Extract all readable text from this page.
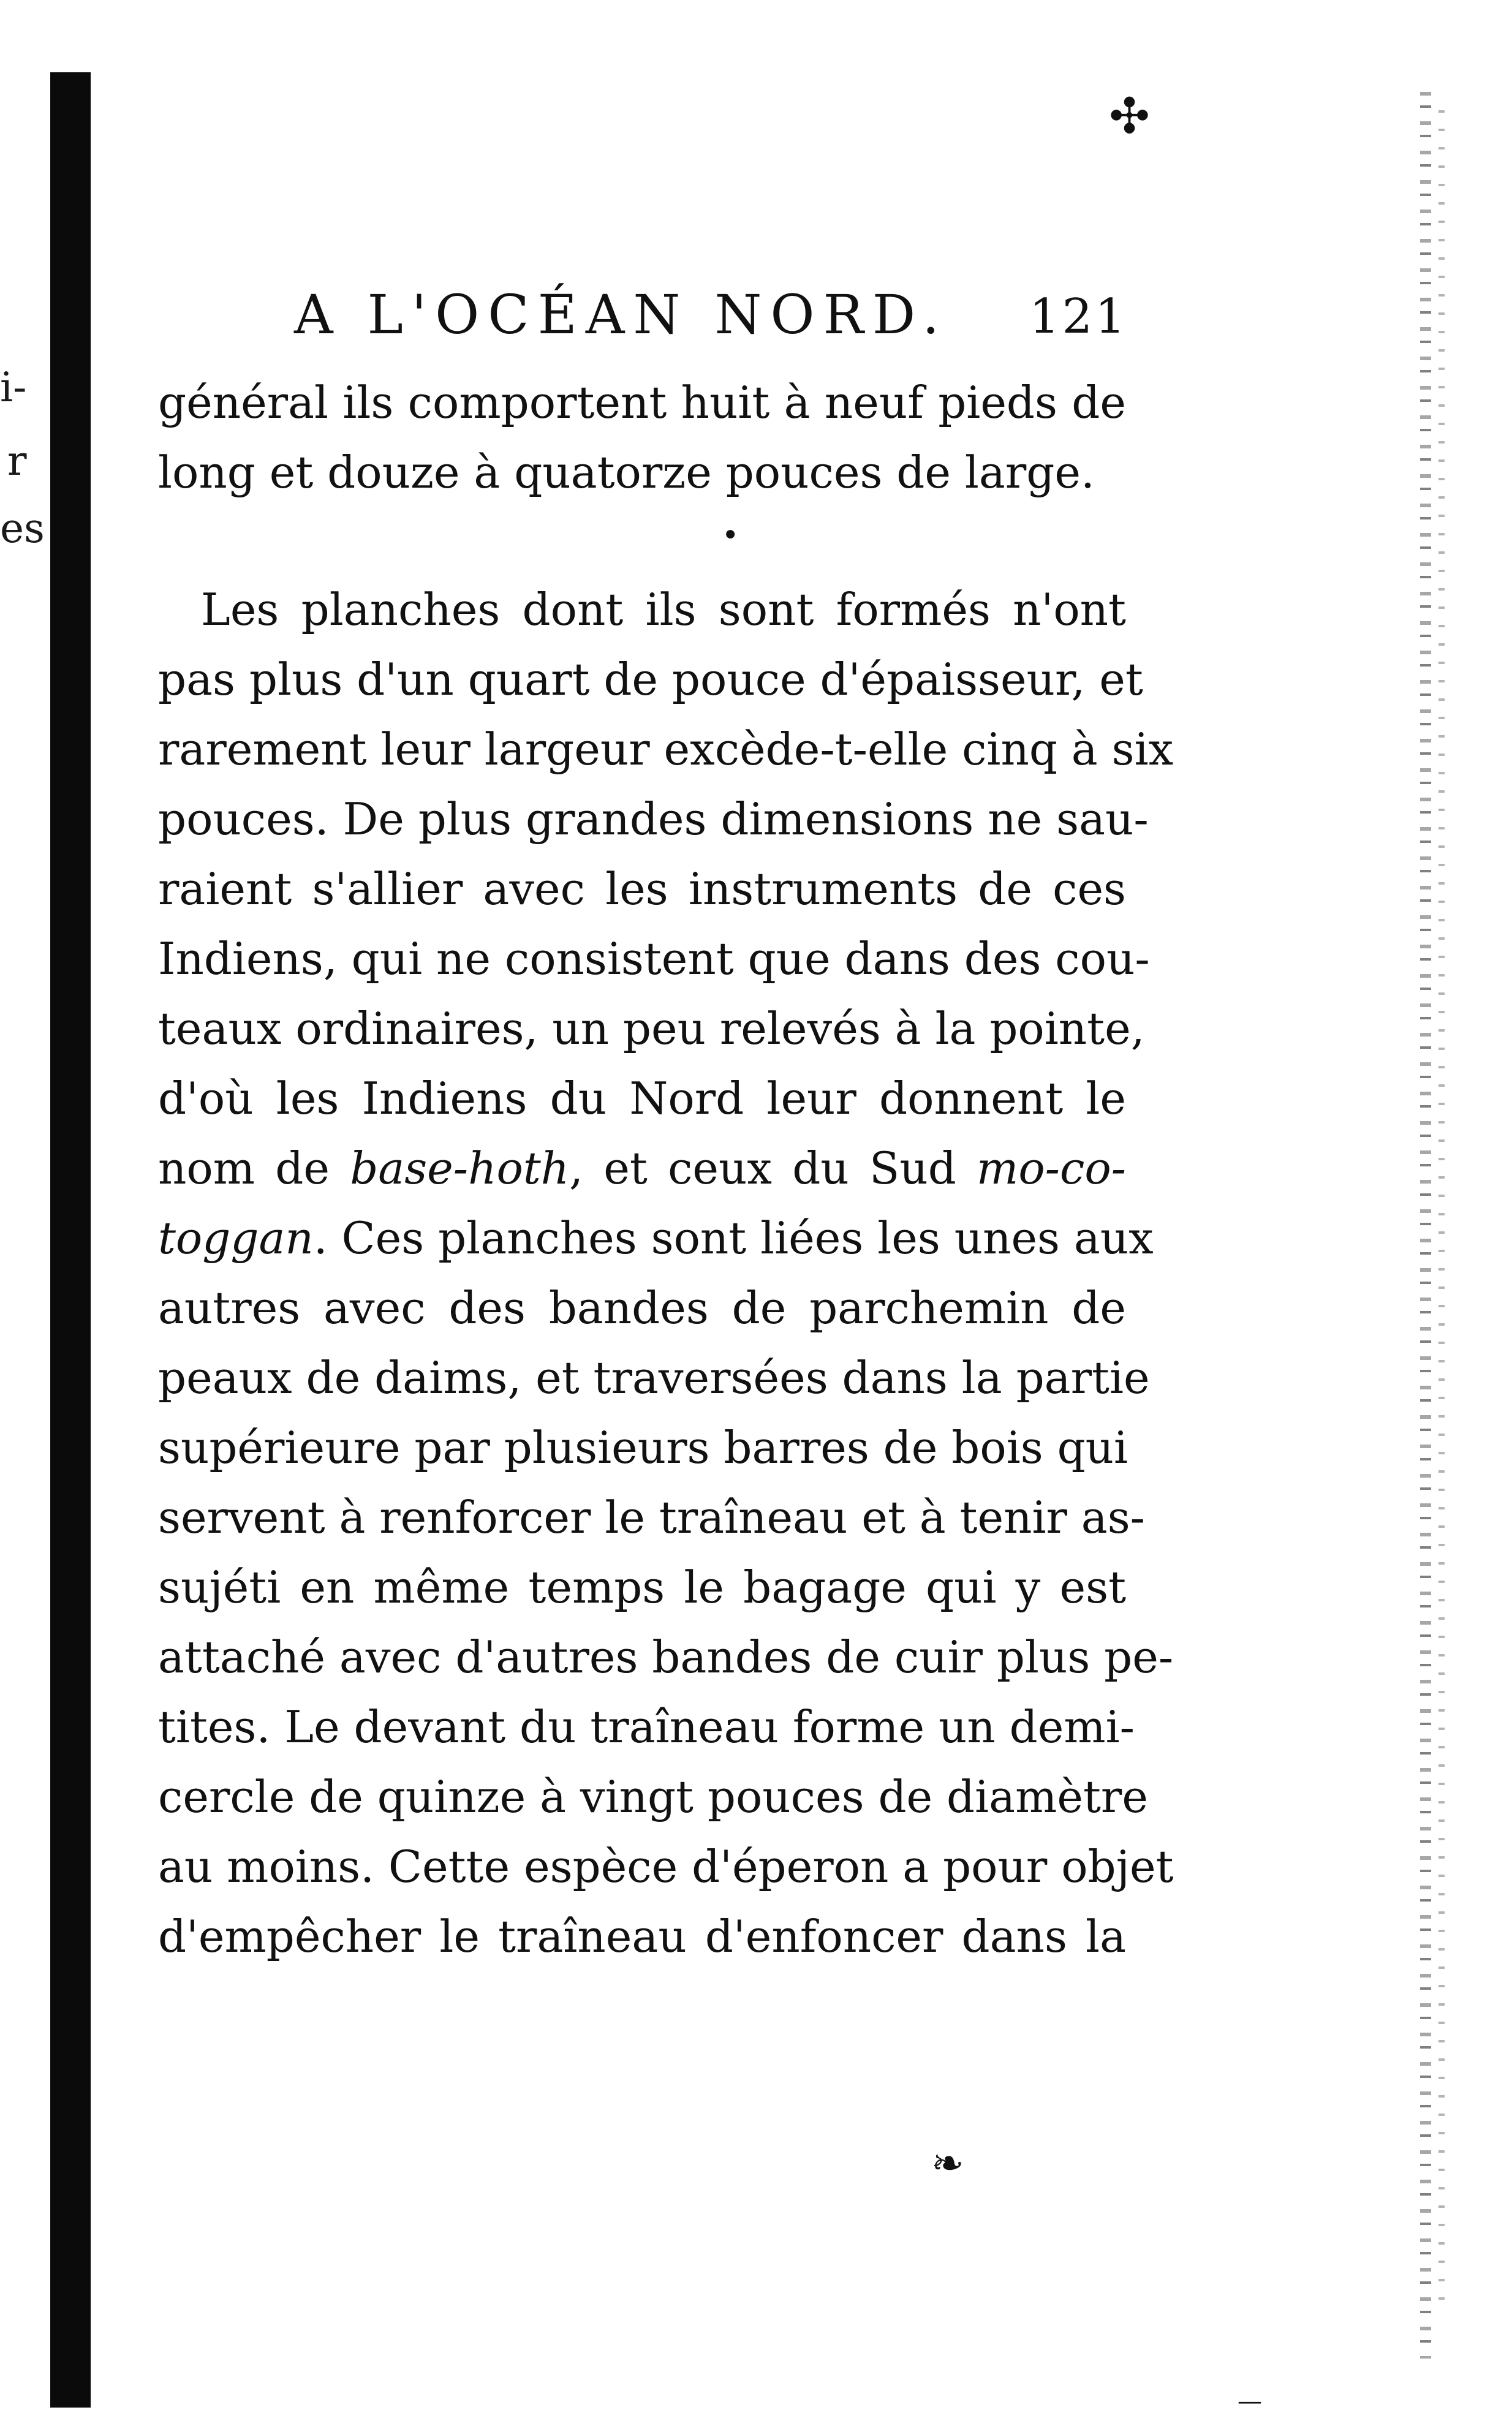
i-
r
es
✣
A L'OCÉAN NORD. 121
général ils comportent huit à neuf pieds de
long et douze à quatorze pouces de large.
•
Les planches dont ils sont formés n'ont
pas plus d'un quart de pouce d'épaisseur, et
rarement leur largeur excède-t-elle cinq à six
pouces. De plus grandes dimensions ne sau-
raient s'allier avec les instruments de ces
Indiens, qui ne consistent que dans des cou-
teaux ordinaires, un peu relevés à la pointe,
d'où les Indiens du Nord leur donnent le
nom de base-hoth, et ceux du Sud mo-co-
toggan. Ces planches sont liées les unes aux
autres avec des bandes de parchemin de
peaux de daims, et traversées dans la partie
supérieure par plusieurs barres de bois qui
servent à renforcer le traîneau et à tenir as-
sujéti en même temps le bagage qui y est
attaché avec d'autres bandes de cuir plus pe-
tites. Le devant du traîneau forme un demi-
cercle de quinze à vingt pouces de diamètre
au moins. Cette espèce d'éperon a pour objet
d'empêcher le traîneau d'enfoncer dans la
❧
—
